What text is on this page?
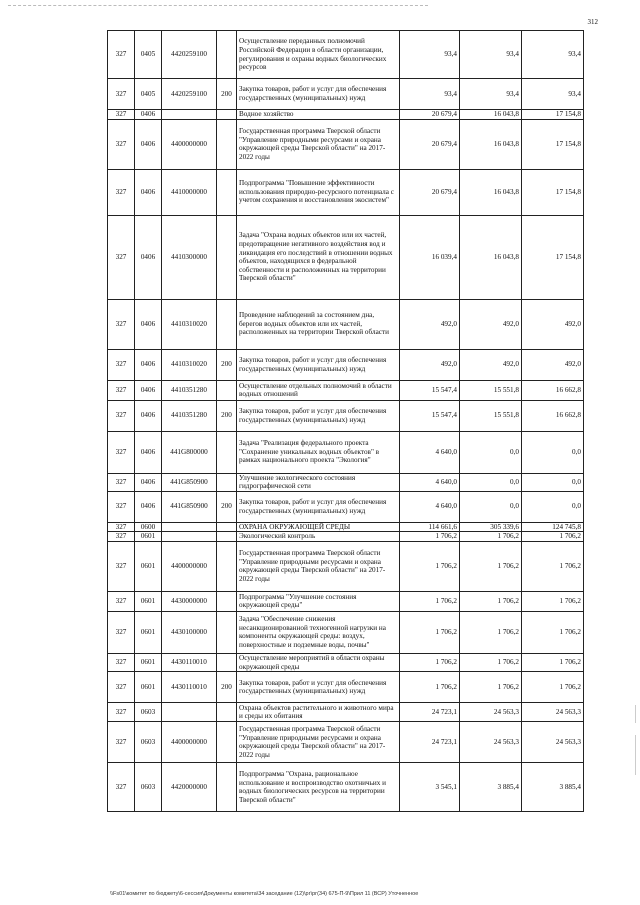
312
327	0405	4420259100		Осуществление переданных полномочий Российской Федерации в области организации, регулирования и охраны водных биологических ресурсов	93,4	93,4	93,4
327	0405	4420259100	200	Закупка товаров, работ и услуг для обеспечения государственных (муниципальных) нужд	93,4	93,4	93,4
327	0406			Водное хозяйство	20 679,4	16 043,8	17 154,8
327	0406	4400000000		Государственная программа Тверской области "Управление природными ресурсами и охрана окружающей среды Тверской области" на 2017-2022 годы	20 679,4	16 043,8	17 154,8
327	0406	4410000000		Подпрограмма "Повышение эффективности использования природно-ресурсного потенциала с учетом сохранения и восстановления экосистем"	20 679,4	16 043,8	17 154,8
327	0406	4410300000		Задача "Охрана водных объектов или их частей, предотвращение негативного воздействия вод и ликвидация его последствий в отношении водных объектов, находящихся в федеральной собственности и расположенных на территории Тверской области"	16 039,4	16 043,8	17 154,8
327	0406	4410310020		Проведение наблюдений за состоянием дна, берегов водных объектов или их частей, расположенных на территории Тверской области	492,0	492,0	492,0
327	0406	4410310020	200	Закупка товаров, работ и услуг для обеспечения государственных (муниципальных) нужд	492,0	492,0	492,0
327	0406	4410351280		Осуществление отдельных полномочий в области водных отношений	15 547,4	15 551,8	16 662,8
327	0406	4410351280	200	Закупка товаров, работ и услуг для обеспечения государственных (муниципальных) нужд	15 547,4	15 551,8	16 662,8
327	0406	441G800000		Задача "Реализация федерального проекта "Сохранение уникальных водных объектов" в рамках национального проекта "Экология"	4 640,0	0,0	0,0
327	0406	441G850900		Улучшение экологического состояния гидрографической сети	4 640,0	0,0	0,0
327	0406	441G850900	200	Закупка товаров, работ и услуг для обеспечения государственных (муниципальных) нужд	4 640,0	0,0	0,0
327	0600			ОХРАНА ОКРУЖАЮЩЕЙ СРЕДЫ	114 661,6	305 339,6	124 745,8
327	0601			Экологический контроль	1 706,2	1 706,2	1 706,2
327	0601	4400000000		Государственная программа Тверской области "Управление природными ресурсами и охрана окружающей среды Тверской области" на 2017-2022 годы	1 706,2	1 706,2	1 706,2
327	0601	4430000000		Подпрограмма "Улучшение состояния окружающей среды"	1 706,2	1 706,2	1 706,2
327	0601	4430100000		Задача "Обеспечение снижения несанкционированной техногенной нагрузки на компоненты окружающей среды: воздух, поверхностные и подземные воды, почвы"	1 706,2	1 706,2	1 706,2
327	0601	4430110010		Осуществление мероприятий в области охраны окружающей среды	1 706,2	1 706,2	1 706,2
327	0601	4430110010	200	Закупка товаров, работ и услуг для обеспечения государственных (муниципальных) нужд	1 706,2	1 706,2	1 706,2
327	0603			Охрана объектов растительного и животного мира и среды их обитания	24 723,1	24 563,3	24 563,3
327	0603	4400000000		Государственная программа Тверской области "Управление природными ресурсами и охрана окружающей среды Тверской области" на 2017-2022 годы	24 723,1	24 563,3	24 563,3
327	0603	4420000000		Подпрограмма "Охрана, рациональное использование и воспроизводство охотничьих и водных биологических ресурсов на территории Тверской области"	3 545,1	3 885,4	3 885,4
\\Fs01\комитет по бюджету\6-сессия\Документы комитета\34 заседание (12)\рг\рг(34) 675-П-9\Прил 11 (ВСР) Уточненное
